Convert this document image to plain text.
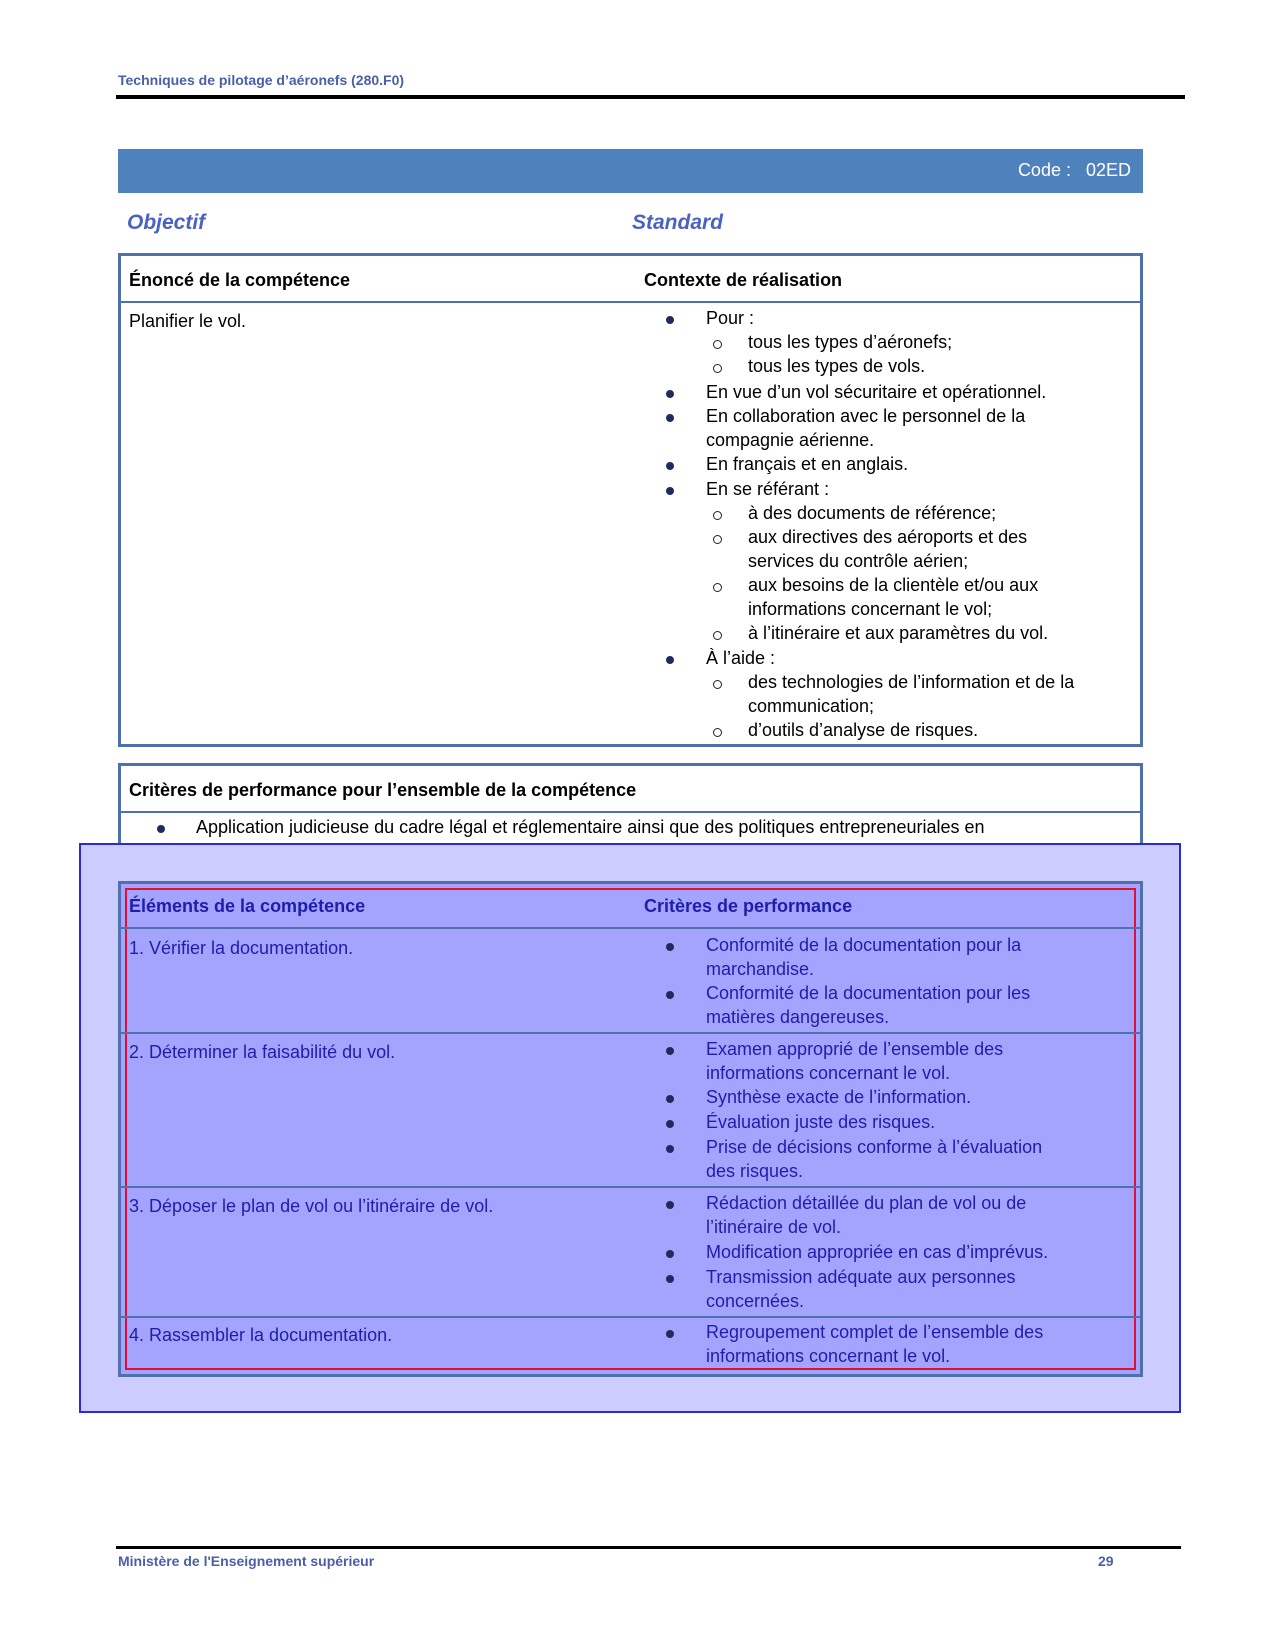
Techniques de pilotage d’aéronefs (280.F0)
Code :   02ED
Objectif	Standard
Énoncé de la compétence	Contexte de réalisation
Planifier le vol.	Pour :
tous les types d’aéronefs;
tous les types de vols.
En vue d’un vol sécuritaire et opérationnel.
En collaboration avec le personnel de la
compagnie aérienne.
En français et en anglais.
En se référant :
à des documents de référence;
aux directives des aéroports et des
services du contrôle aérien;
aux besoins de la clientèle et/ou aux
informations concernant le vol;
à l’itinéraire et aux paramètres du vol.
À l’aide :
des technologies de l’information et de la
communication;
d’outils d’analyse de risques.
Critères de performance pour l’ensemble de la compétence
Application judicieuse du cadre légal et réglementaire ainsi que des politiques entrepreneuriales en
Éléments de la compétence	Critères de performance
1. Vérifier la documentation.	Conformité de la documentation pour la
marchandise.
Conformité de la documentation pour les
matières dangereuses.
2. Déterminer la faisabilité du vol.	Examen approprié de l’ensemble des
informations concernant le vol.
Synthèse exacte de l’information.
Évaluation juste des risques.
Prise de décisions conforme à l’évaluation
des risques.
3. Déposer le plan de vol ou l’itinéraire de vol.	Rédaction détaillée du plan de vol ou de
l’itinéraire de vol.
Modification appropriée en cas d’imprévus.
Transmission adéquate aux personnes
concernées.
4. Rassembler la documentation.	Regroupement complet de l’ensemble des
informations concernant le vol.
Ministère de l'Enseignement supérieur	29
